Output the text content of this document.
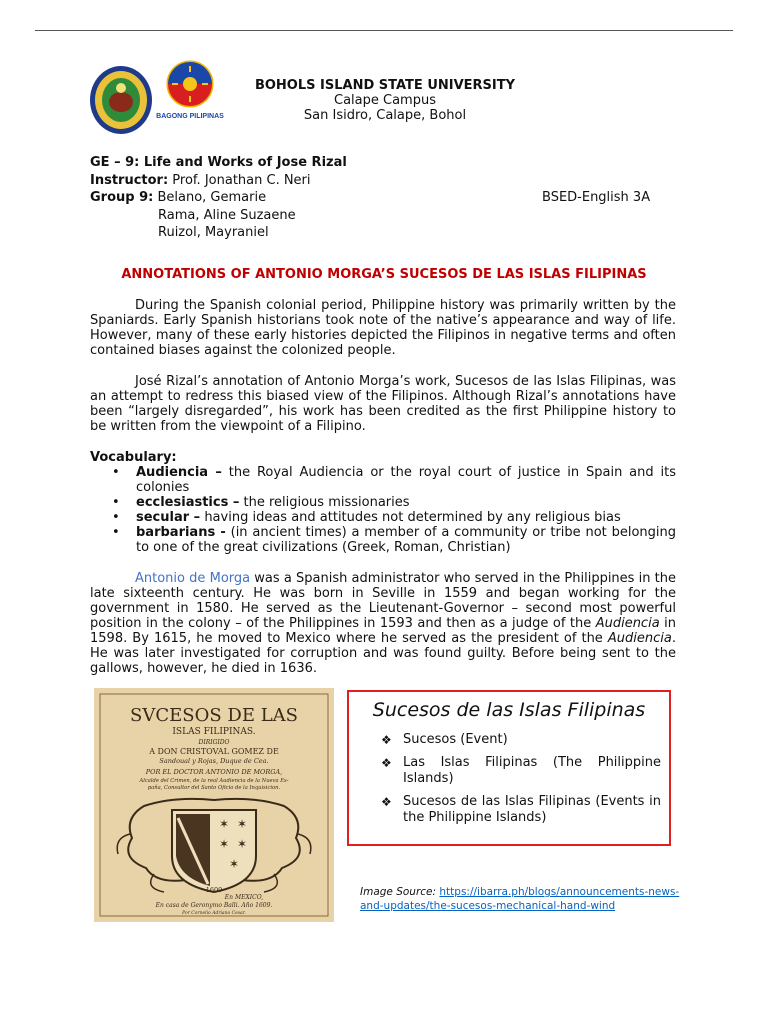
BAGONG PILIPINAS
BOHOLS ISLAND STATE UNIVERSITY
Calape Campus
San Isidro, Calape, Bohol
GE – 9: Life and Works of Jose Rizal
Instructor: Prof. Jonathan C. Neri
Group 9: Belano, Gemarie	BSED-English 3A
Rama, Aline Suzaene
Ruizol, Mayraniel
ANNOTATIONS OF ANTONIO MORGA’S SUCESOS DE LAS ISLAS FILIPINAS
During the Spanish colonial period, Philippine history was primarily written by the Spaniards. Early Spanish historians took note of the native’s appearance and way of life. However, many of these early histories depicted the Filipinos in negative terms and often contained biases against the colonized people.
José Rizal’s annotation of Antonio Morga’s work, Sucesos de las Islas Filipinas, was an attempt to redress this biased view of the Filipinos. Although Rizal’s annotations have been “largely disregarded”, his work has been credited as the first Philippine history to be written from the viewpoint of a Filipino.
Vocabulary:
• Audiencia – the Royal Audiencia or the royal court of justice in Spain and its colonies
• ecclesiastics – the religious missionaries
• secular – having ideas and attitudes not determined by any religious bias
• barbarians - (in ancient times) a member of a community or tribe not belonging to one of the great civilizations (Greek, Roman, Christian)
Antonio de Morga was a Spanish administrator who served in the Philippines in the late sixteenth century. He was born in Seville in 1559 and began working for the government in 1580. He served as the Lieutenant-Governor – second most powerful position in the colony – of the Philippines in 1593 and then as a judge of the Audiencia in 1598. By 1615, he moved to Mexico where he served as the president of the Audiencia. He was later investigated for corruption and was found guilty. Before being sent to the gallows, however, he died in 1636.
SVCESOS DE LAS
ISLAS FILIPINAS.
DIRIGIDO
A DON CRISTOVAL GOMEZ DE
Sandoual y Rojas, Duque de Cea.
POR EL DOCTOR ANTONIO DE MORGA,
Alcalde del Crimen, de la real Audiencia de la Nueva Es-
paña, Consultor del Santo Oficio de la Inquisicion.
✶ ✶
✶ ✶
✶
1609
En MEXICO,
En casa de Geronymo Balli. Año 1609.
Por Cornelio Adriano Cesar.
Sucesos de las Islas Filipinas
❖ Sucesos (Event)
❖ Las Islas Filipinas (The Philippine Islands)
❖ Sucesos de las Islas Filipinas (Events in the Philippine Islands)
Image Source: https://ibarra.ph/blogs/announcements-news-and-updates/the-sucesos-mechanical-hand-wind
